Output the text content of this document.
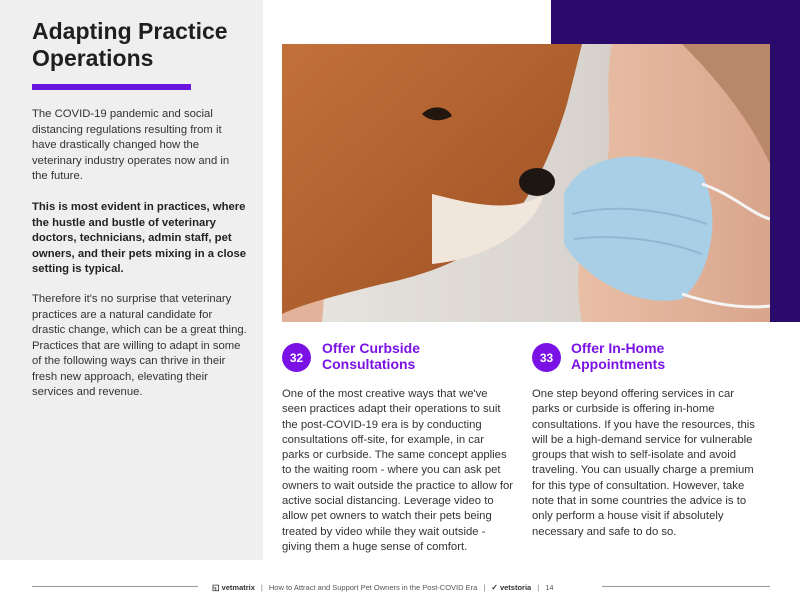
Adapting Practice Operations

The COVID-19 pandemic and social distancing regulations resulting from it have drastically changed how the veterinary industry operates now and in the future.

This is most evident in practices, where the hustle and bustle of veterinary doctors, technicians, admin staff, pet owners, and their pets mixing in a close setting is typical.

Therefore it's no surprise that veterinary practices are a natural candidate for drastic change, which can be a great thing. Practices that are willing to adapt in some of the following ways can thrive in their fresh new approach, elevating their services and revenue.

32
Offer Curbside Consultations

One of the most creative ways that we've seen practices adapt their operations to suit the post-COVID-19 era is by conducting consultations off-site, for example, in car parks or curbside. The same concept applies to the waiting room - where you can ask pet owners to wait outside the practice to allow for active social distancing. Leverage video to allow pet owners to watch their pets being treated by video while they wait outside - giving them a huge sense of comfort.

33
Offer In-Home Appointments

One step beyond offering services in car parks or curbside is offering in-home consultations. If you have the resources, this will be a high-demand service for vulnerable groups that wish to self-isolate and avoid traveling. You can usually charge a premium for this type of consultation. However, take note that in some countries the advice is to only perform a house visit if absolutely necessary and safe to do so.

◱ vetmatrix | How to Attract and Support Pet Owners in the Post-COVID Era | ✓ vetstoria | 14
